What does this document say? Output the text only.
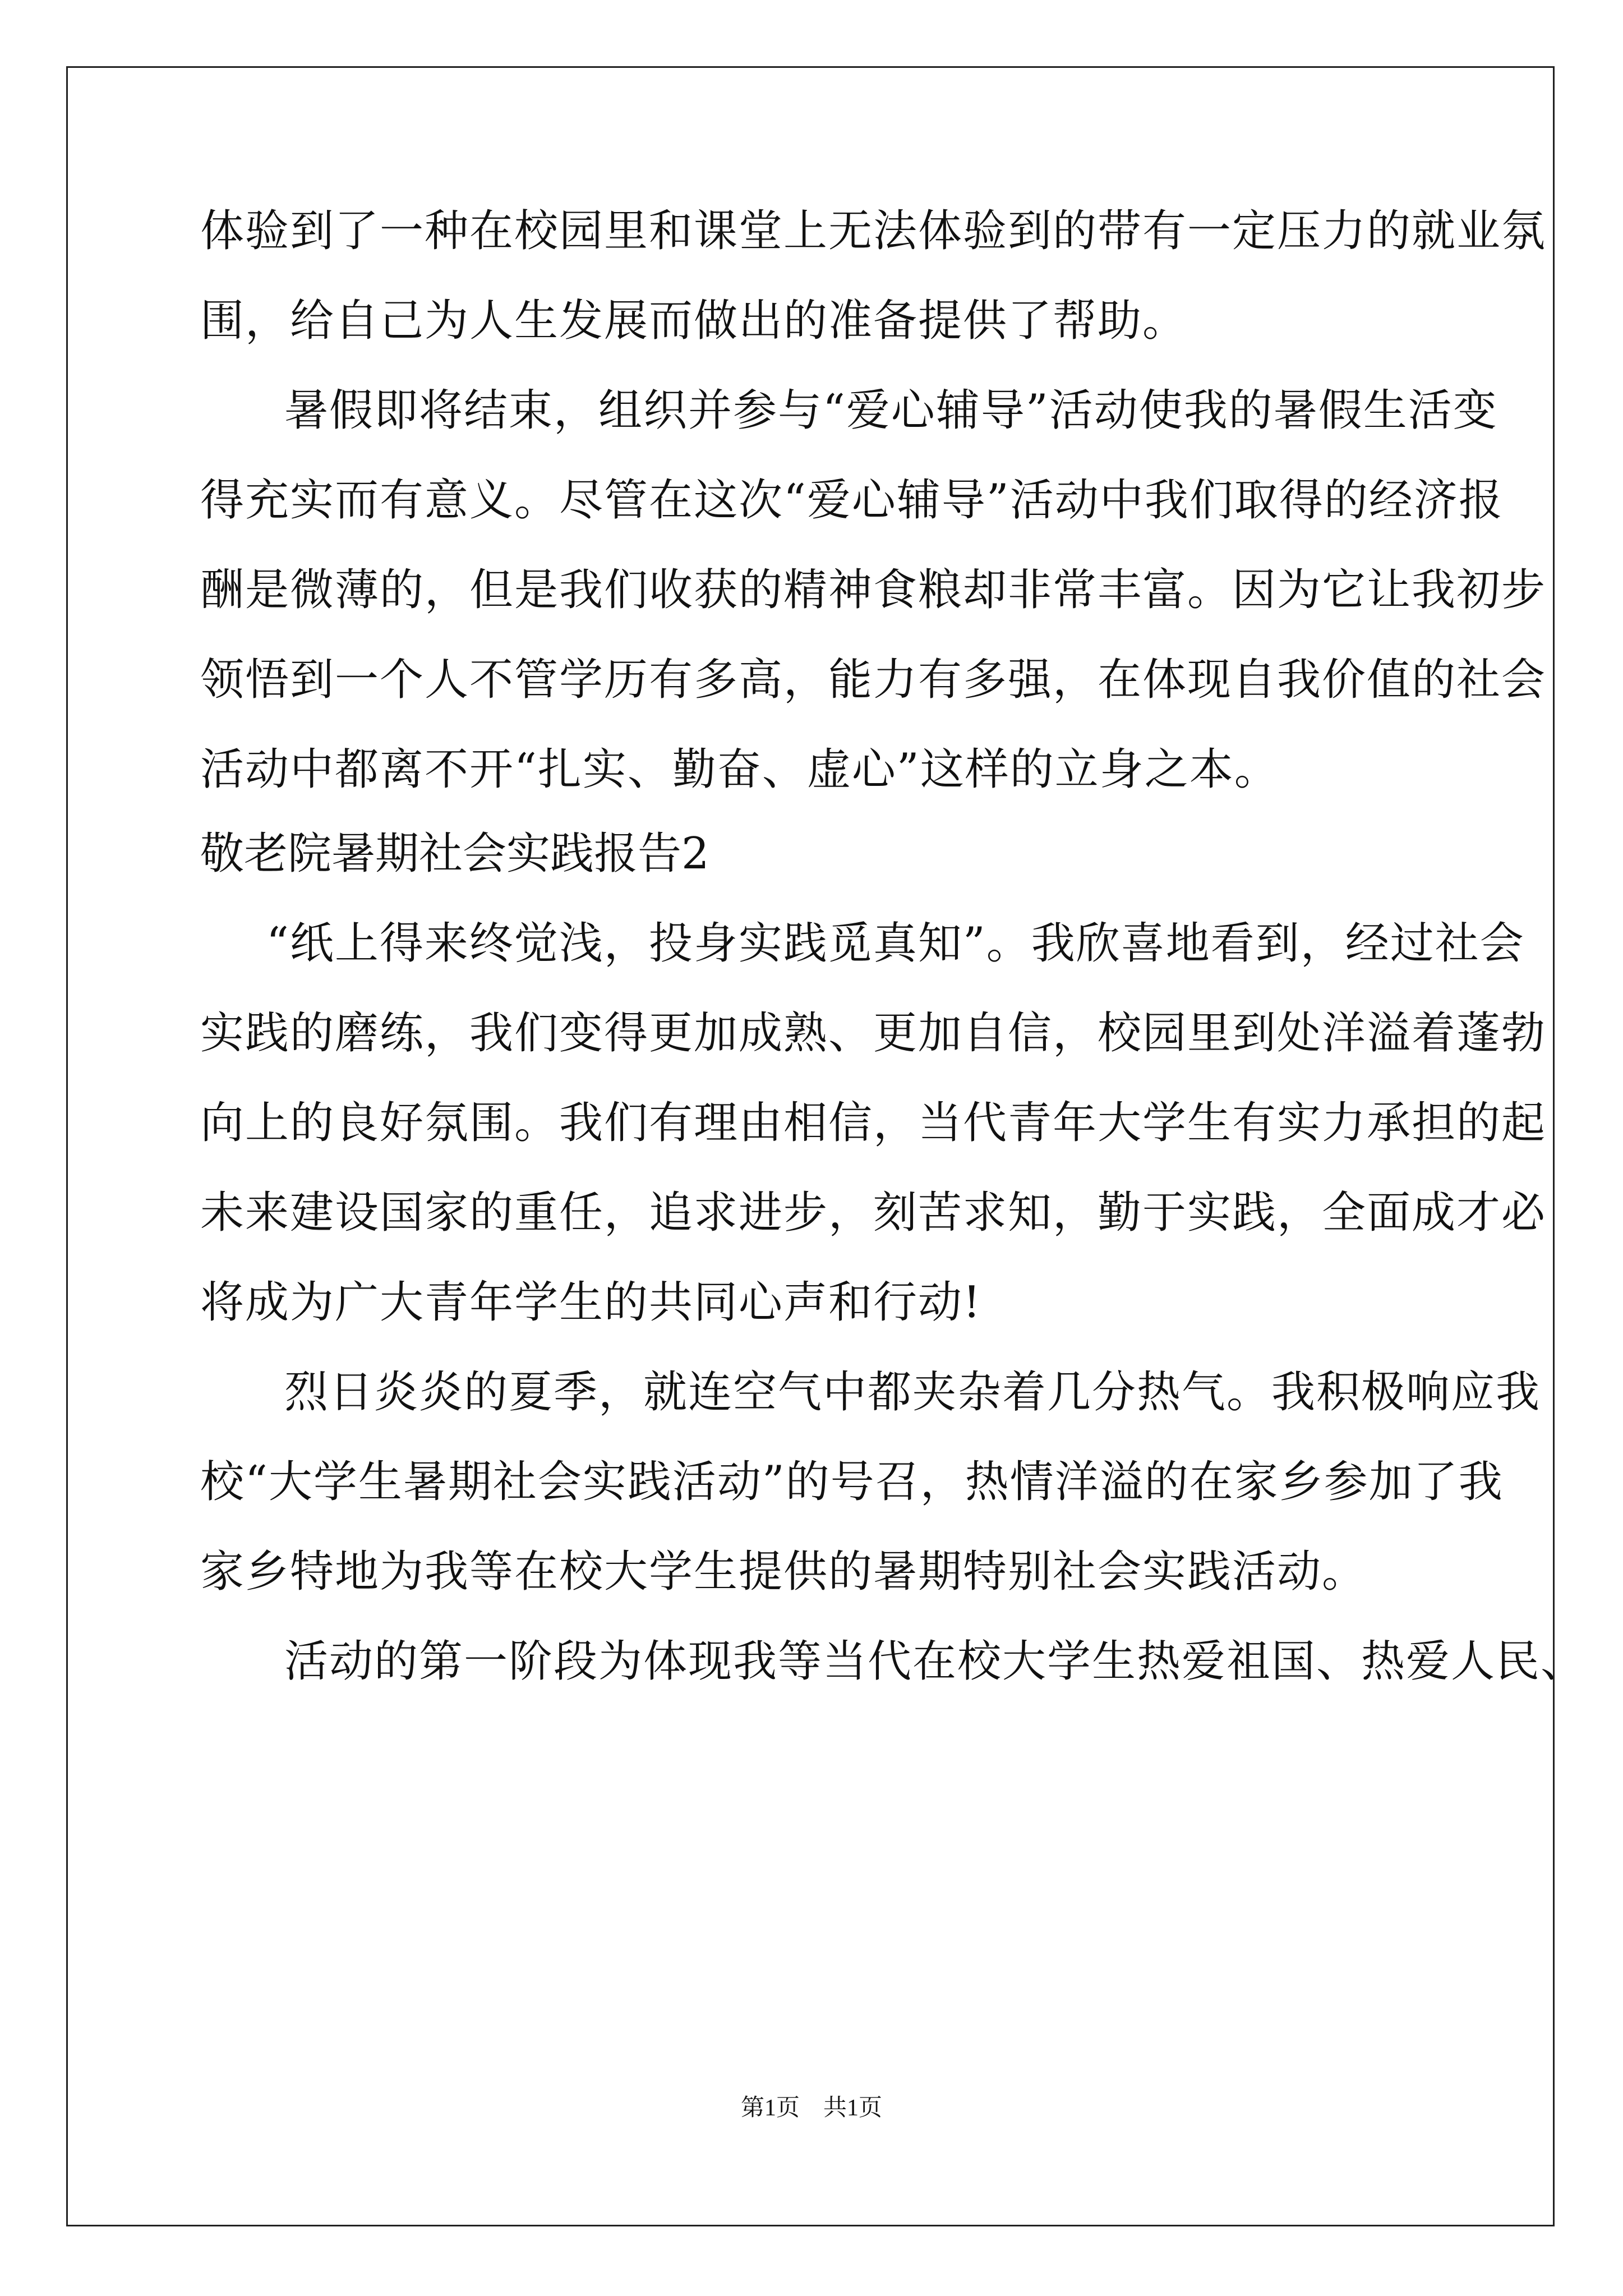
体验到了一种在校园里和课堂上无法体验到的带有一定压力的就业氛
围，给自己为人生发展而做出的准备提供了帮助。
暑假即将结束，组织并参与“爱心辅导”活动使我的暑假生活变
得充实而有意义。尽管在这次“爱心辅导”活动中我们取得的经济报
酬是微薄的，但是我们收获的精神食粮却非常丰富。因为它让我初步
领悟到一个人不管学历有多高，能力有多强，在体现自我价值的社会
活动中都离不开“扎实、勤奋、虚心”这样的立身之本。
敬老院暑期社会实践报告2
“纸上得来终觉浅，投身实践觅真知”。我欣喜地看到，经过社会
实践的磨练，我们变得更加成熟、更加自信，校园里到处洋溢着蓬勃
向上的良好氛围。我们有理由相信，当代青年大学生有实力承担的起
未来建设国家的重任，追求进步，刻苦求知，勤于实践，全面成才必
将成为广大青年学生的共同心声和行动!
烈日炎炎的夏季，就连空气中都夹杂着几分热气。我积极响应我
校“大学生暑期社会实践活动”的号召，热情洋溢的在家乡参加了我
家乡特地为我等在校大学生提供的暑期特别社会实践活动。
活动的第一阶段为体现我等当代在校大学生热爱祖国、热爱人民、
第1页　共1页
